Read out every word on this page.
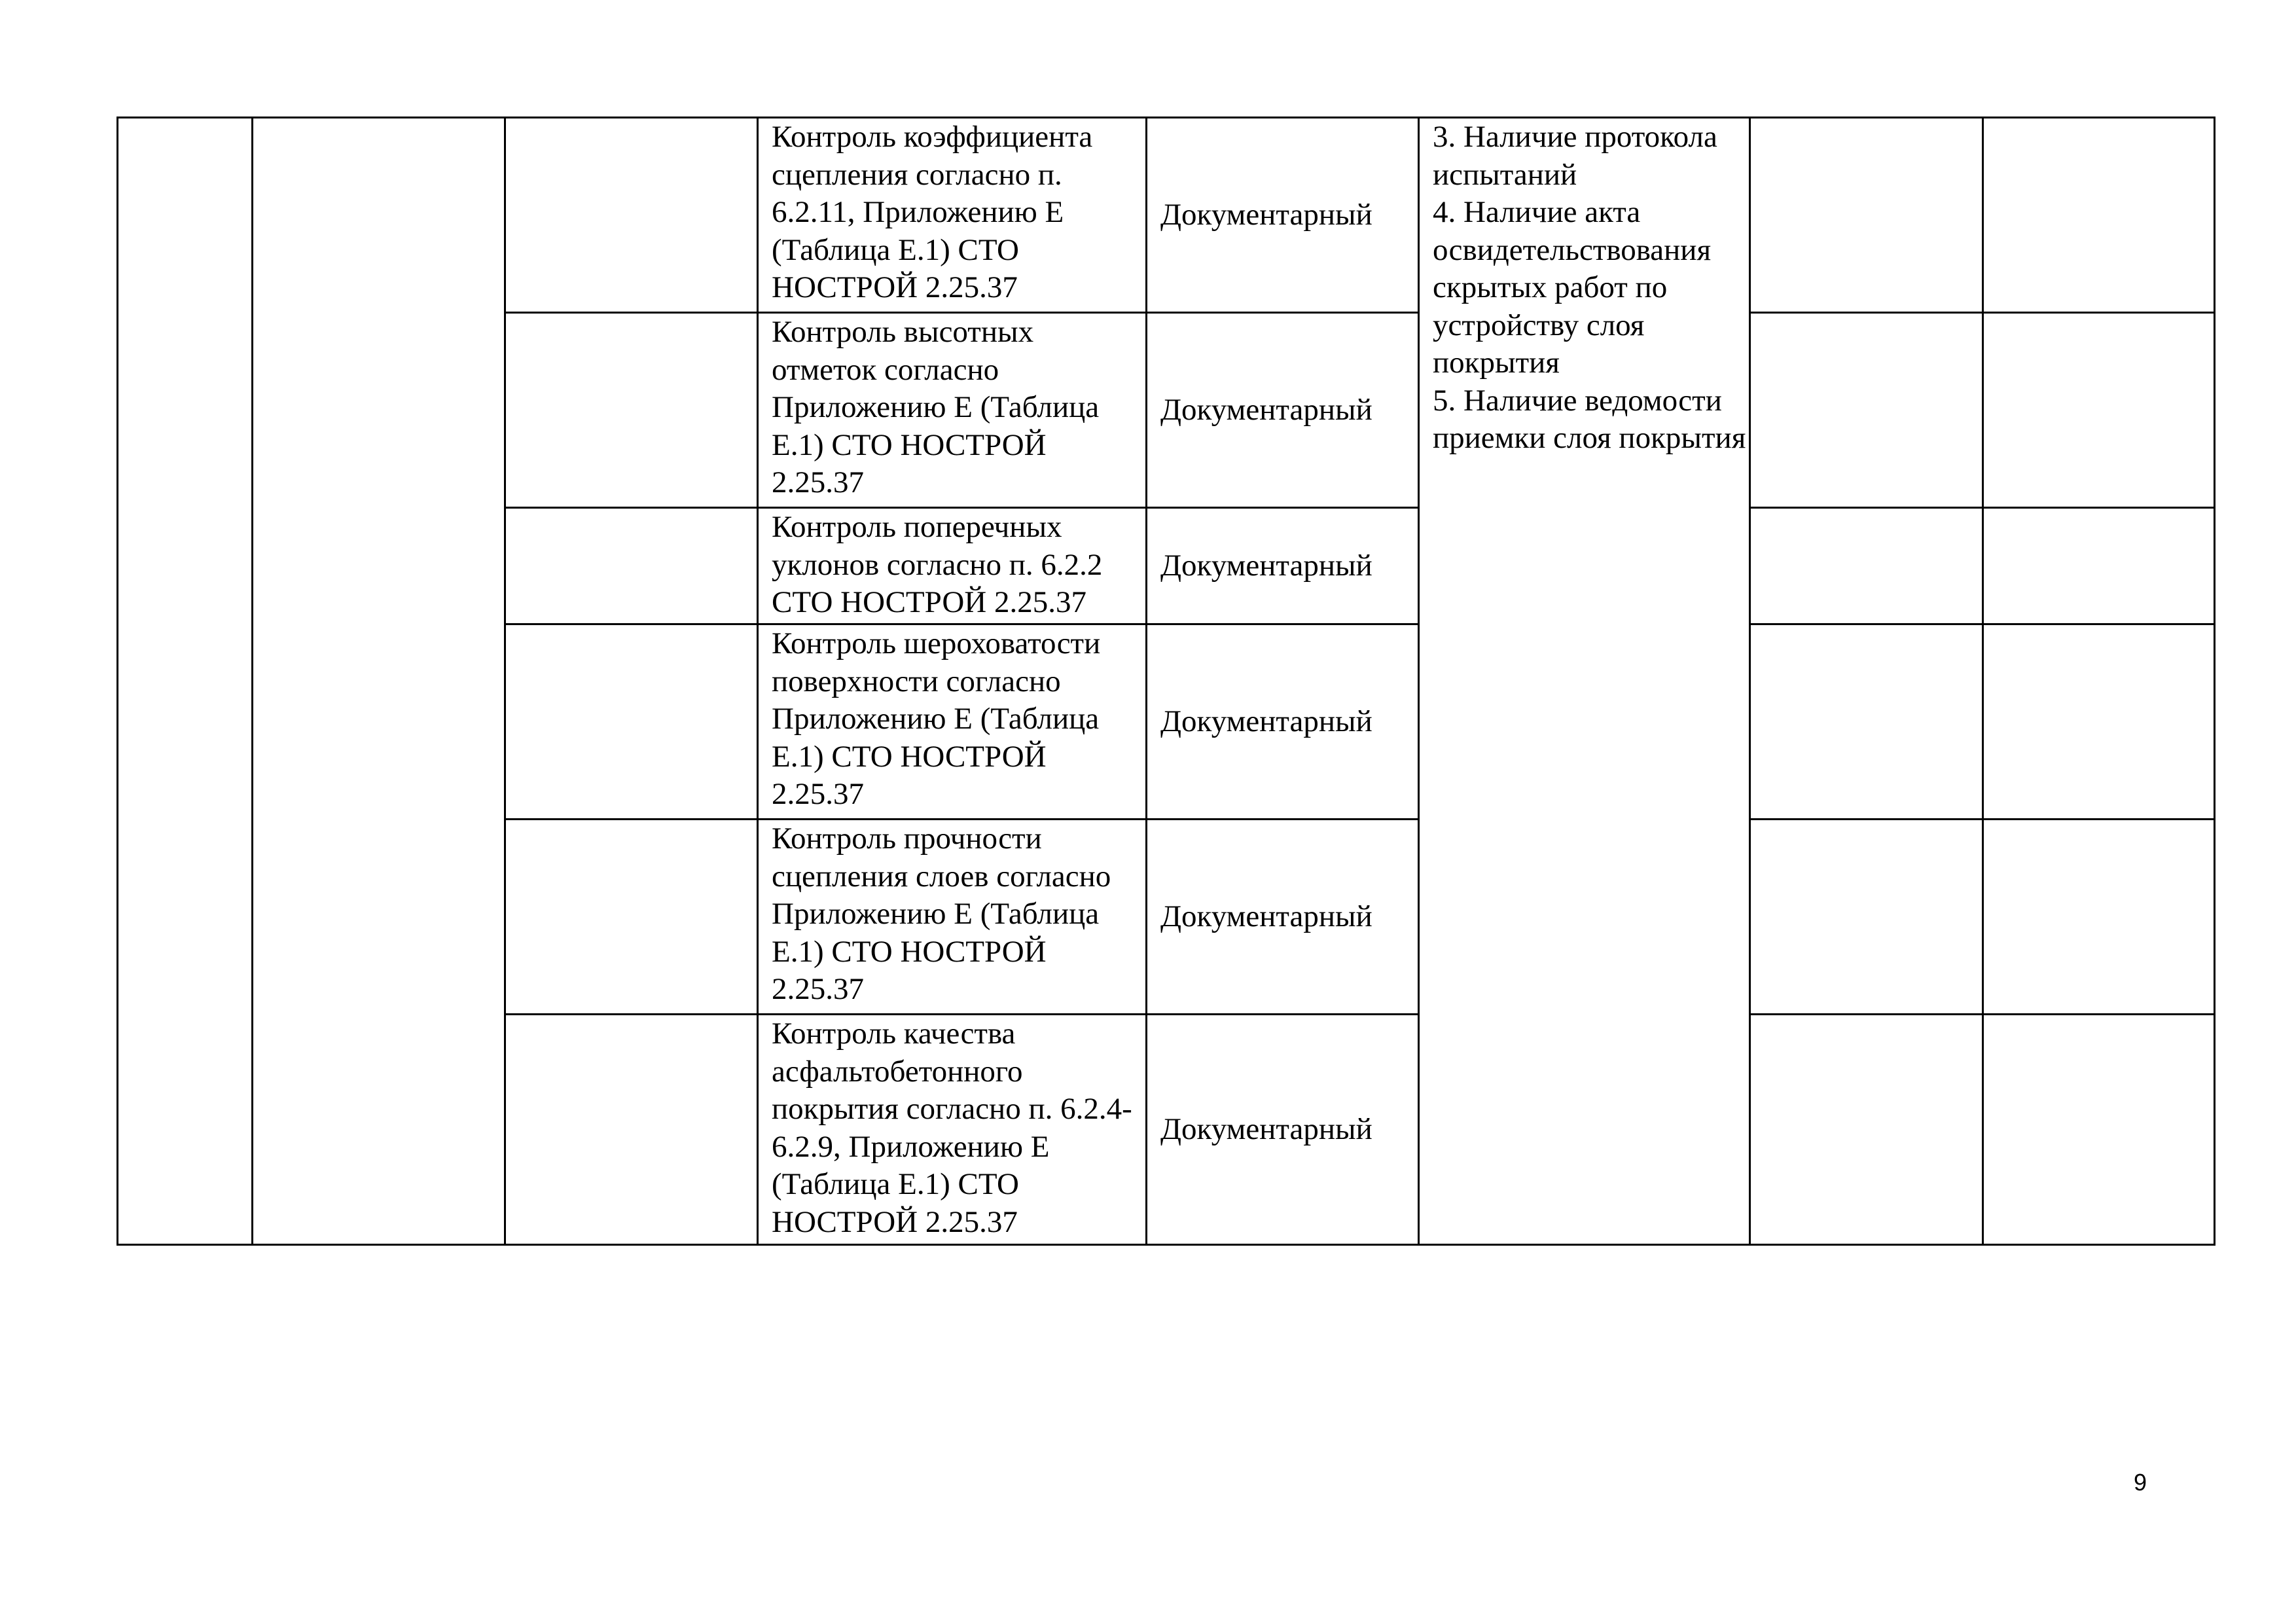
			Контроль коэффициента сцепления согласно п. 6.2.11, Приложению Е (Таблица Е.1) СТО НОСТРОЙ 2.25.37	Документарный	3. Наличие протокола испытаний
4. Наличие акта освидетельствования скрытых работ по устройству слоя покрытия
5. Наличие ведомости приемки слоя покрытия		

			Контроль высотных отметок согласно Приложению Е (Таблица Е.1) СТО НОСТРОЙ 2.25.37	Документарный			
			Контроль поперечных уклонов согласно п. 6.2.2 СТО НОСТРОЙ 2.25.37	Документарный			
			Контроль шероховатости поверхности согласно Приложению Е (Таблица Е.1) СТО НОСТРОЙ 2.25.37	Документарный			
			Контроль прочности сцепления слоев согласно Приложению Е (Таблица Е.1) СТО НОСТРОЙ 2.25.37	Документарный			
			Контроль качества асфальтобетонного покрытия согласно п. 6.2.4-6.2.9, Приложению Е (Таблица Е.1) СТО НОСТРОЙ 2.25.37	Документарный			
9
